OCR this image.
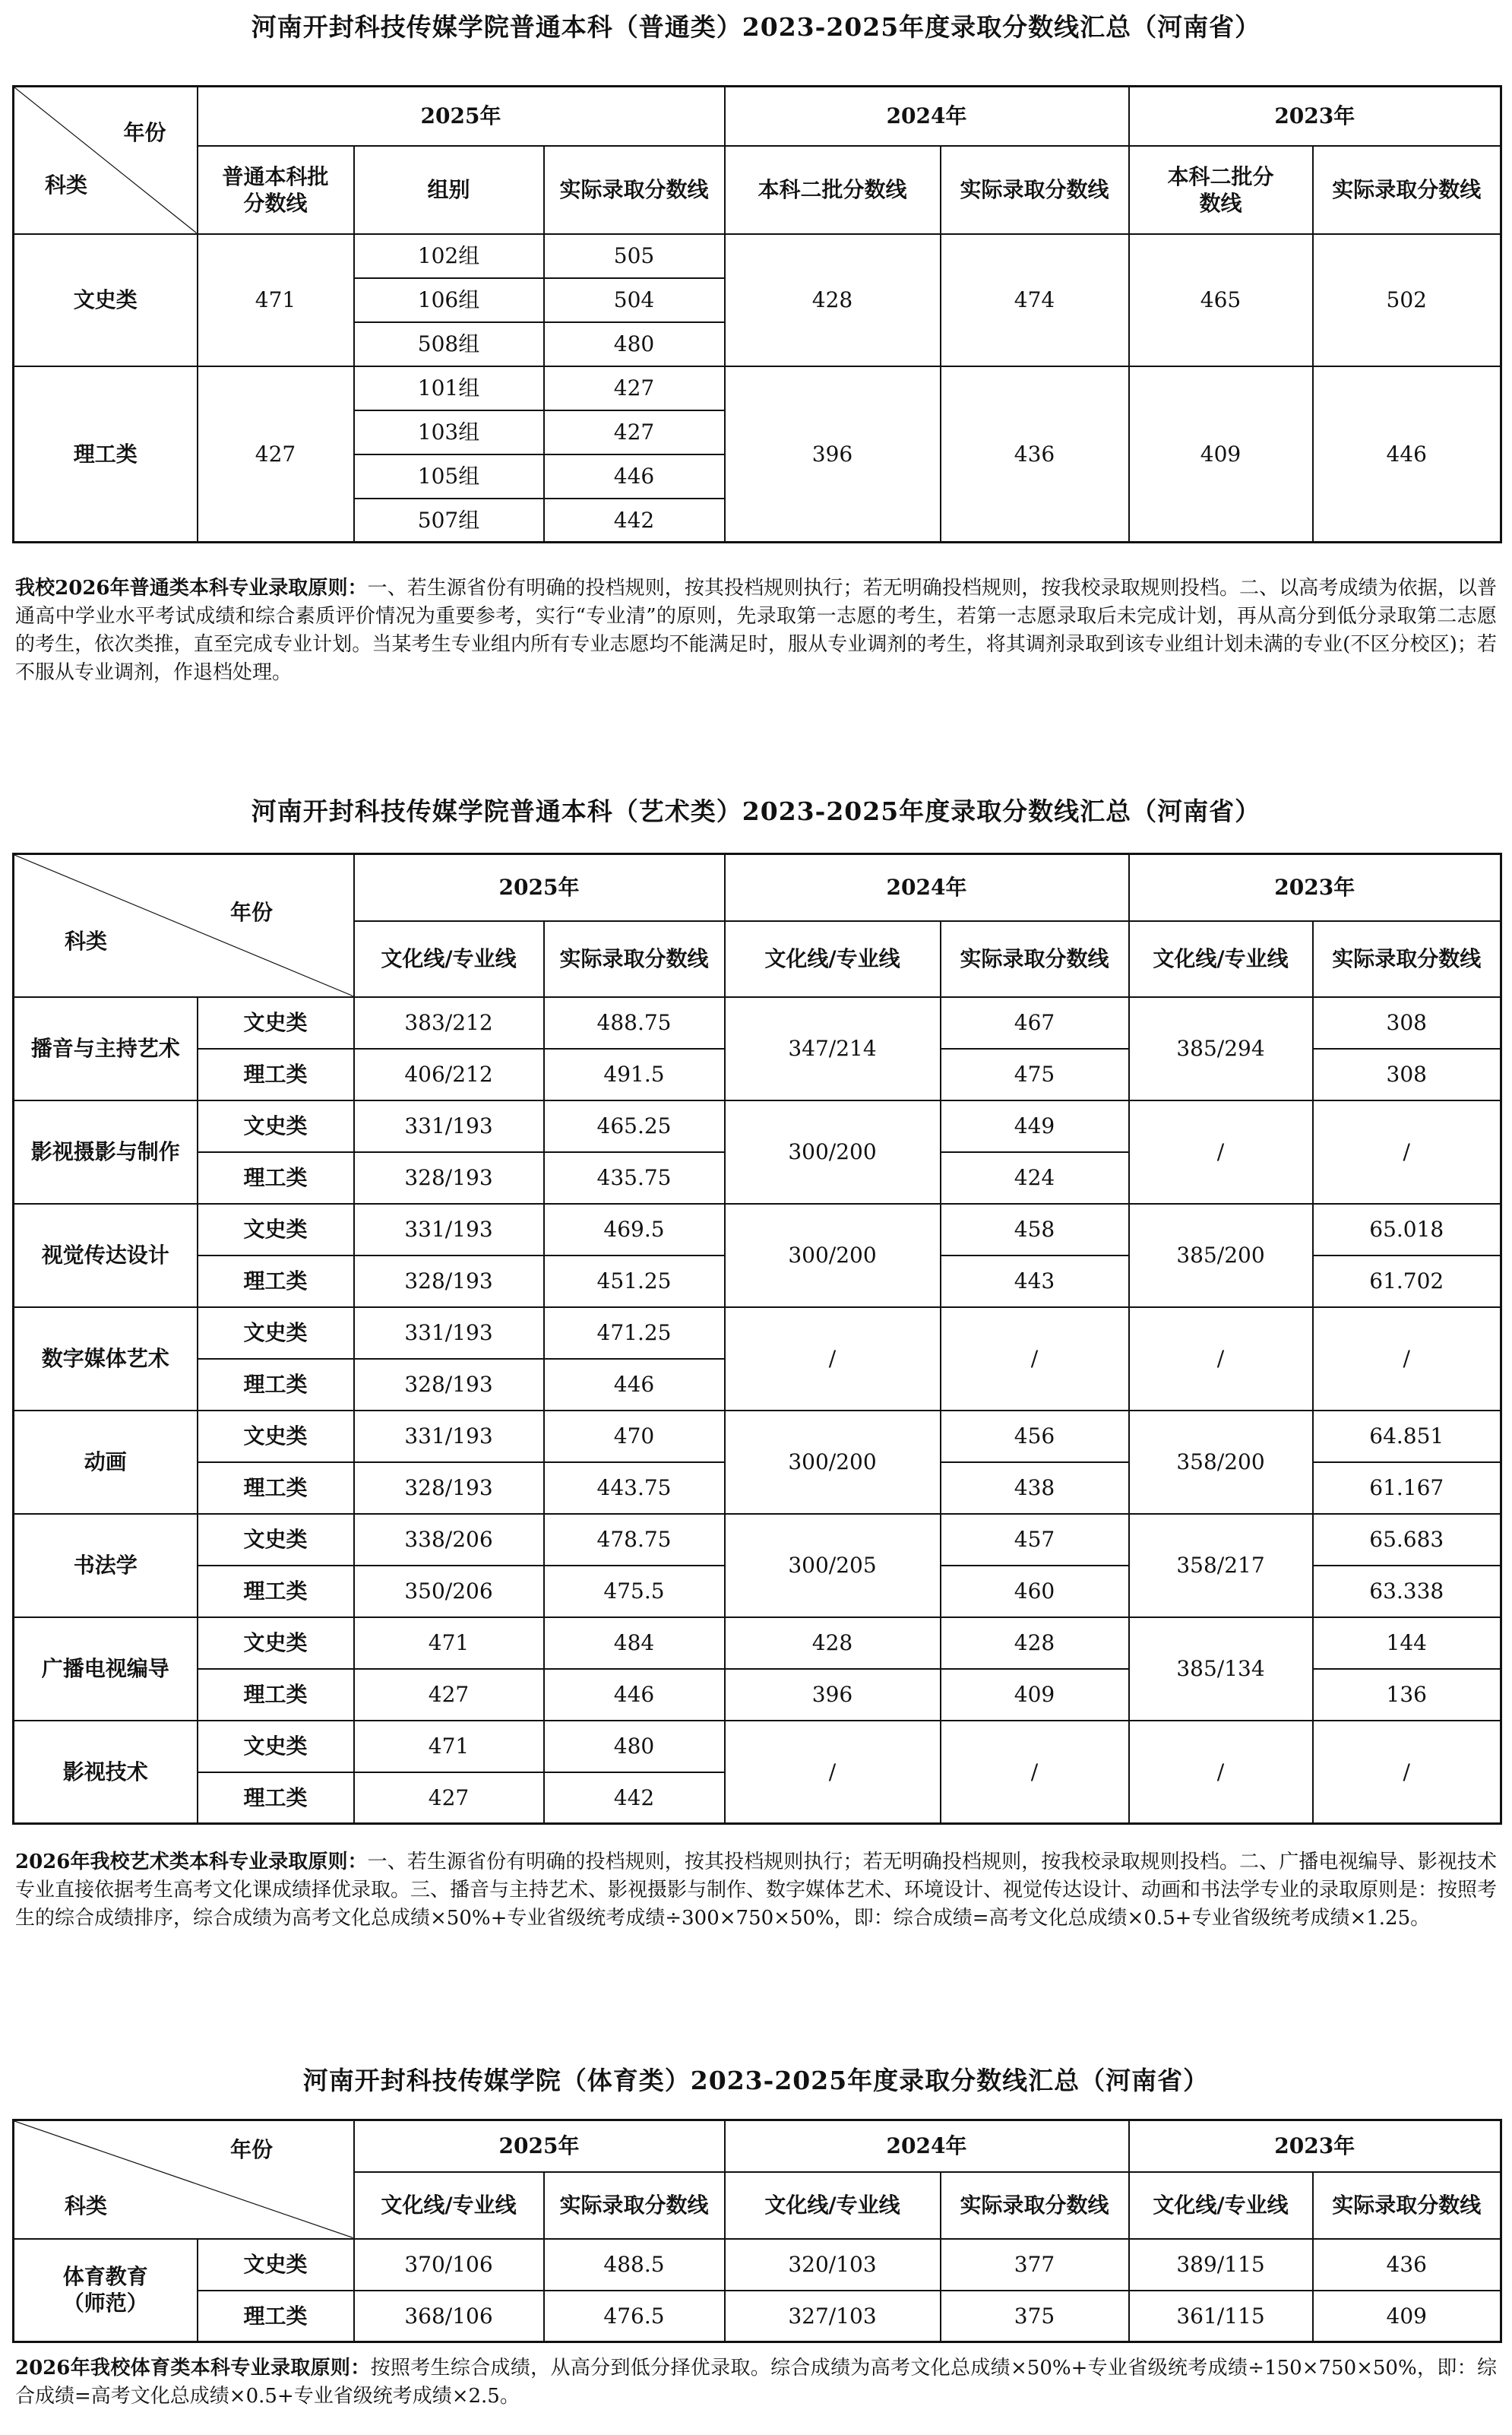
河南开封科技传媒学院普通本科（普通类）2023-2025年度录取分数线汇总（河南省）
年份
科类	2025年			2024年		2023年	
	普通本科批分数线	组别	实际录取分数线	本科二批分数线	实际录取分数线	本科二批分数线	实际录取分数线
文史类	471	102组	505	428	474	465	502
		106组	504				
		508组	480				
理工类	427	101组	427	396	436	409	446
		103组	427				
		105组	446				
		507组	442				
我校2026年普通类本科专业录取原则：一、若生源省份有明确的投档规则，按其投档规则执行；若无明确投档规则，按我校录取规则投档。二、以高考成绩为依据，以普通高中学业水平考试成绩和综合素质评价情况为重要参考，实行“专业清”的原则，先录取第一志愿的考生，若第一志愿录取后未完成计划，再从高分到低分录取第二志愿的考生，依次类推，直至完成专业计划。当某考生专业组内所有专业志愿均不能满足时，服从专业调剂的考生，将其调剂录取到该专业组计划未满的专业(不区分校区)；若不服从专业调剂，作退档处理。
河南开封科技传媒学院普通本科（艺术类）2023-2025年度录取分数线汇总（河南省）
年份
科类		2025年		2024年		2023年	
		文化线/专业线	实际录取分数线	文化线/专业线	实际录取分数线	文化线/专业线	实际录取分数线
播音与主持艺术	文史类	383/212	488.75	347/214	467	385/294	308
	理工类	406/212	491.5		475		308
影视摄影与制作	文史类	331/193	465.25	300/200	449	/	/
	理工类	328/193	435.75		424		
视觉传达设计	文史类	331/193	469.5	300/200	458	385/200	65.018
	理工类	328/193	451.25		443		61.702
数字媒体艺术	文史类	331/193	471.25	/	/	/	/
	理工类	328/193	446				
动画	文史类	331/193	470	300/200	456	358/200	64.851
	理工类	328/193	443.75		438		61.167
书法学	文史类	338/206	478.75	300/205	457	358/217	65.683
	理工类	350/206	475.5		460		63.338
广播电视编导	文史类	471	484	428	428	385/134	144
	理工类	427	446	396	409		136
影视技术	文史类	471	480	/	/	/	/
	理工类	427	442				
2026年我校艺术类本科专业录取原则：一、若生源省份有明确的投档规则，按其投档规则执行；若无明确投档规则，按我校录取规则投档。二、广播电视编导、影视技术专业直接依据考生高考文化课成绩择优录取。三、播音与主持艺术、影视摄影与制作、数字媒体艺术、环境设计、视觉传达设计、动画和书法学专业的录取原则是：按照考生的综合成绩排序，综合成绩为高考文化总成绩×50%+专业省级统考成绩÷300×750×50%，即：综合成绩=高考文化总成绩×0.5+专业省级统考成绩×1.25。
河南开封科技传媒学院（体育类）2023-2025年度录取分数线汇总（河南省）
年份
科类		2025年		2024年		2023年	
		文化线/专业线	实际录取分数线	文化线/专业线	实际录取分数线	文化线/专业线	实际录取分数线

体育教育
（师范）	文史类	370/106	488.5	320/103	377	389/115	436
	理工类	368/106	476.5	327/103	375	361/115	409
2026年我校体育类本科专业录取原则：按照考生综合成绩，从高分到低分择优录取。综合成绩为高考文化总成绩×50%+专业省级统考成绩÷150×750×50%，即：综合成绩=高考文化总成绩×0.5+专业省级统考成绩×2.5。
